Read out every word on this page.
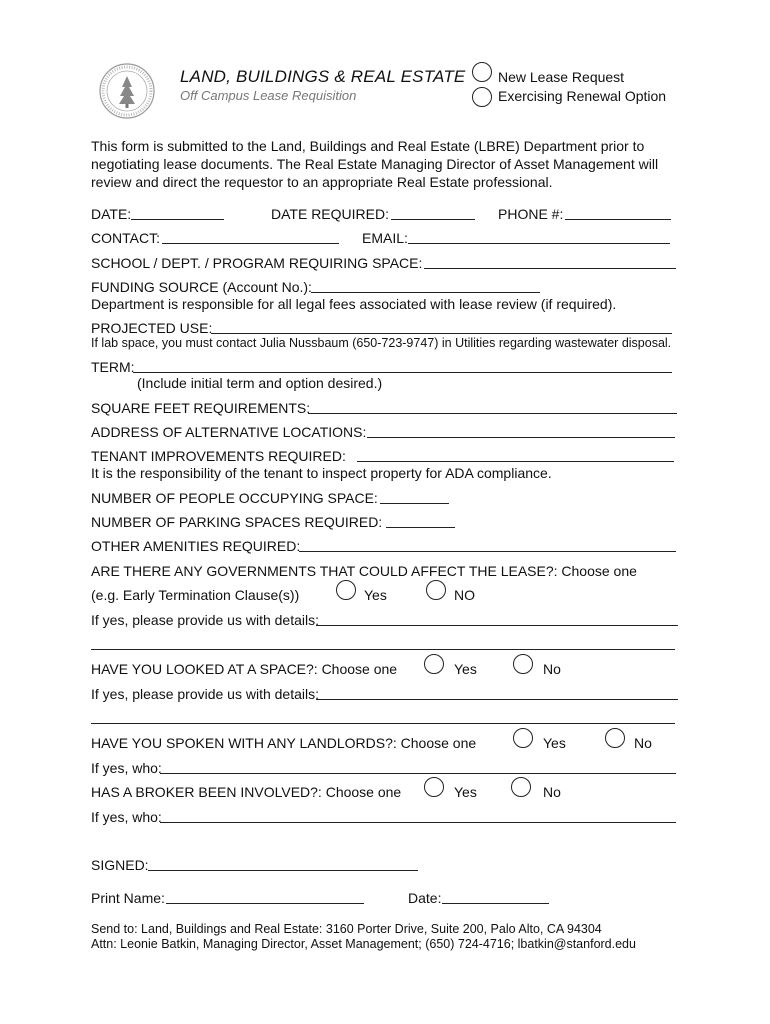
LAND, BUILDINGS & REAL ESTATE
Off Campus Lease Requisition
New Lease Request
Exercising Renewal Option
This form is submitted to the Land, Buildings and Real Estate (LBRE) Department prior to negotiating lease documents. The Real Estate Managing Director of Asset Management will review and direct the requestor to an appropriate Real Estate professional.
DATE:	DATE REQUIRED:	PHONE #:
CONTACT:	EMAIL:
SCHOOL / DEPT. / PROGRAM REQUIRING SPACE:
FUNDING SOURCE (Account No.):
Department is responsible for all legal fees associated with lease review (if required).
PROJECTED USE:
If lab space, you must contact Julia Nussbaum (650-723-9747) in Utilities regarding wastewater disposal.
TERM:
(Include initial term and option desired.)
SQUARE FEET REQUIREMENTS:
ADDRESS OF ALTERNATIVE LOCATIONS:
TENANT IMPROVEMENTS REQUIRED:
It is the responsibility of the tenant to inspect property for ADA compliance.
NUMBER OF PEOPLE OCCUPYING SPACE:
NUMBER OF PARKING SPACES REQUIRED:
OTHER AMENITIES REQUIRED:
ARE THERE ANY GOVERNMENTS THAT COULD AFFECT THE LEASE?: Choose one
(e.g. Early Termination Clause(s))	Yes	NO
If yes, please provide us with details:
HAVE YOU LOOKED AT A SPACE?: Choose one	Yes	No
If yes, please provide us with details:
HAVE YOU SPOKEN WITH ANY LANDLORDS?: Choose one	Yes	No
If yes, who:
HAS A BROKER BEEN INVOLVED?: Choose one	Yes	No
If yes, who:
SIGNED:
Print Name:	Date:
Send to: Land, Buildings and Real Estate: 3160 Porter Drive, Suite 200, Palo Alto, CA 94304
Attn: Leonie Batkin, Managing Director, Asset Management; (650) 724-4716; lbatkin@stanford.edu
